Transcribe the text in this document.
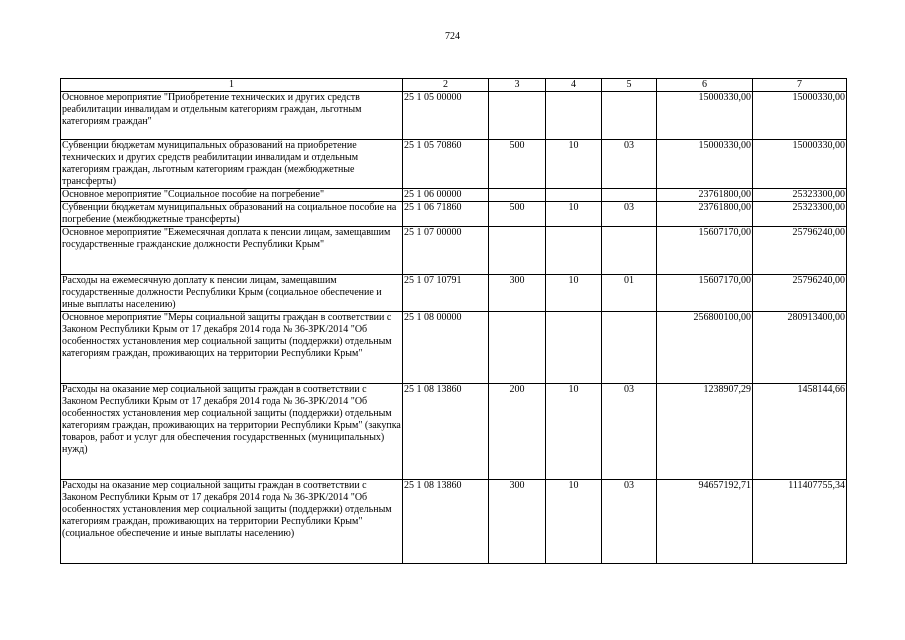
724
1	2	3	4	5	6	7
Основное мероприятие "Приобретение технических и других средств реабилитации инвалидам и отдельным категориям граждан, льготным категориям граждан"	25 1 05 00000				15000330,00	15000330,00
Субвенции бюджетам муниципальных образований на приобретение технических и других средств реабилитации инвалидам и отдельным категориям граждан, льготным категориям граждан (межбюджетные трансферты)	25 1 05 70860	500	10	03	15000330,00	15000330,00
Основное мероприятие "Социальное пособие на погребение"	25 1 06 00000				23761800,00	25323300,00
Субвенции бюджетам муниципальных образований на социальное пособие на погребение (межбюджетные трансферты)	25 1 06 71860	500	10	03	23761800,00	25323300,00
Основное мероприятие "Ежемесячная доплата к пенсии лицам, замещавшим государственные гражданские должности Республики Крым"	25 1 07 00000				15607170,00	25796240,00
Расходы на ежемесячную доплату к пенсии лицам, замещавшим государственные должности Республики Крым (социальное обеспечение и иные выплаты населению)	25 1 07 10791	300	10	01	15607170,00	25796240,00
Основное мероприятие "Меры социальной защиты граждан в соответствии с Законом Республики Крым от 17 декабря 2014 года № 36-ЗРК/2014 "Об особенностях установления мер социальной защиты (поддержки) отдельным категориям граждан, проживающих на территории Республики Крым"	25 1 08 00000				256800100,00	280913400,00
Расходы на оказание мер социальной защиты граждан в соответствии с Законом Республики Крым от 17 декабря 2014 года № 36-ЗРК/2014 "Об особенностях установления мер социальной защиты (поддержки) отдельным категориям граждан, проживающих на территории Республики Крым" (закупка товаров, работ и услуг для обеспечения государственных (муниципальных) нужд)	25 1 08 13860	200	10	03	1238907,29	1458144,66
Расходы на оказание мер социальной защиты граждан в соответствии с Законом Республики Крым от 17 декабря 2014 года № 36-ЗРК/2014 "Об особенностях установления мер социальной защиты (поддержки) отдельным категориям граждан, проживающих на территории Республики Крым" (социальное обеспечение и иные выплаты населению)	25 1 08 13860	300	10	03	94657192,71	111407755,34
